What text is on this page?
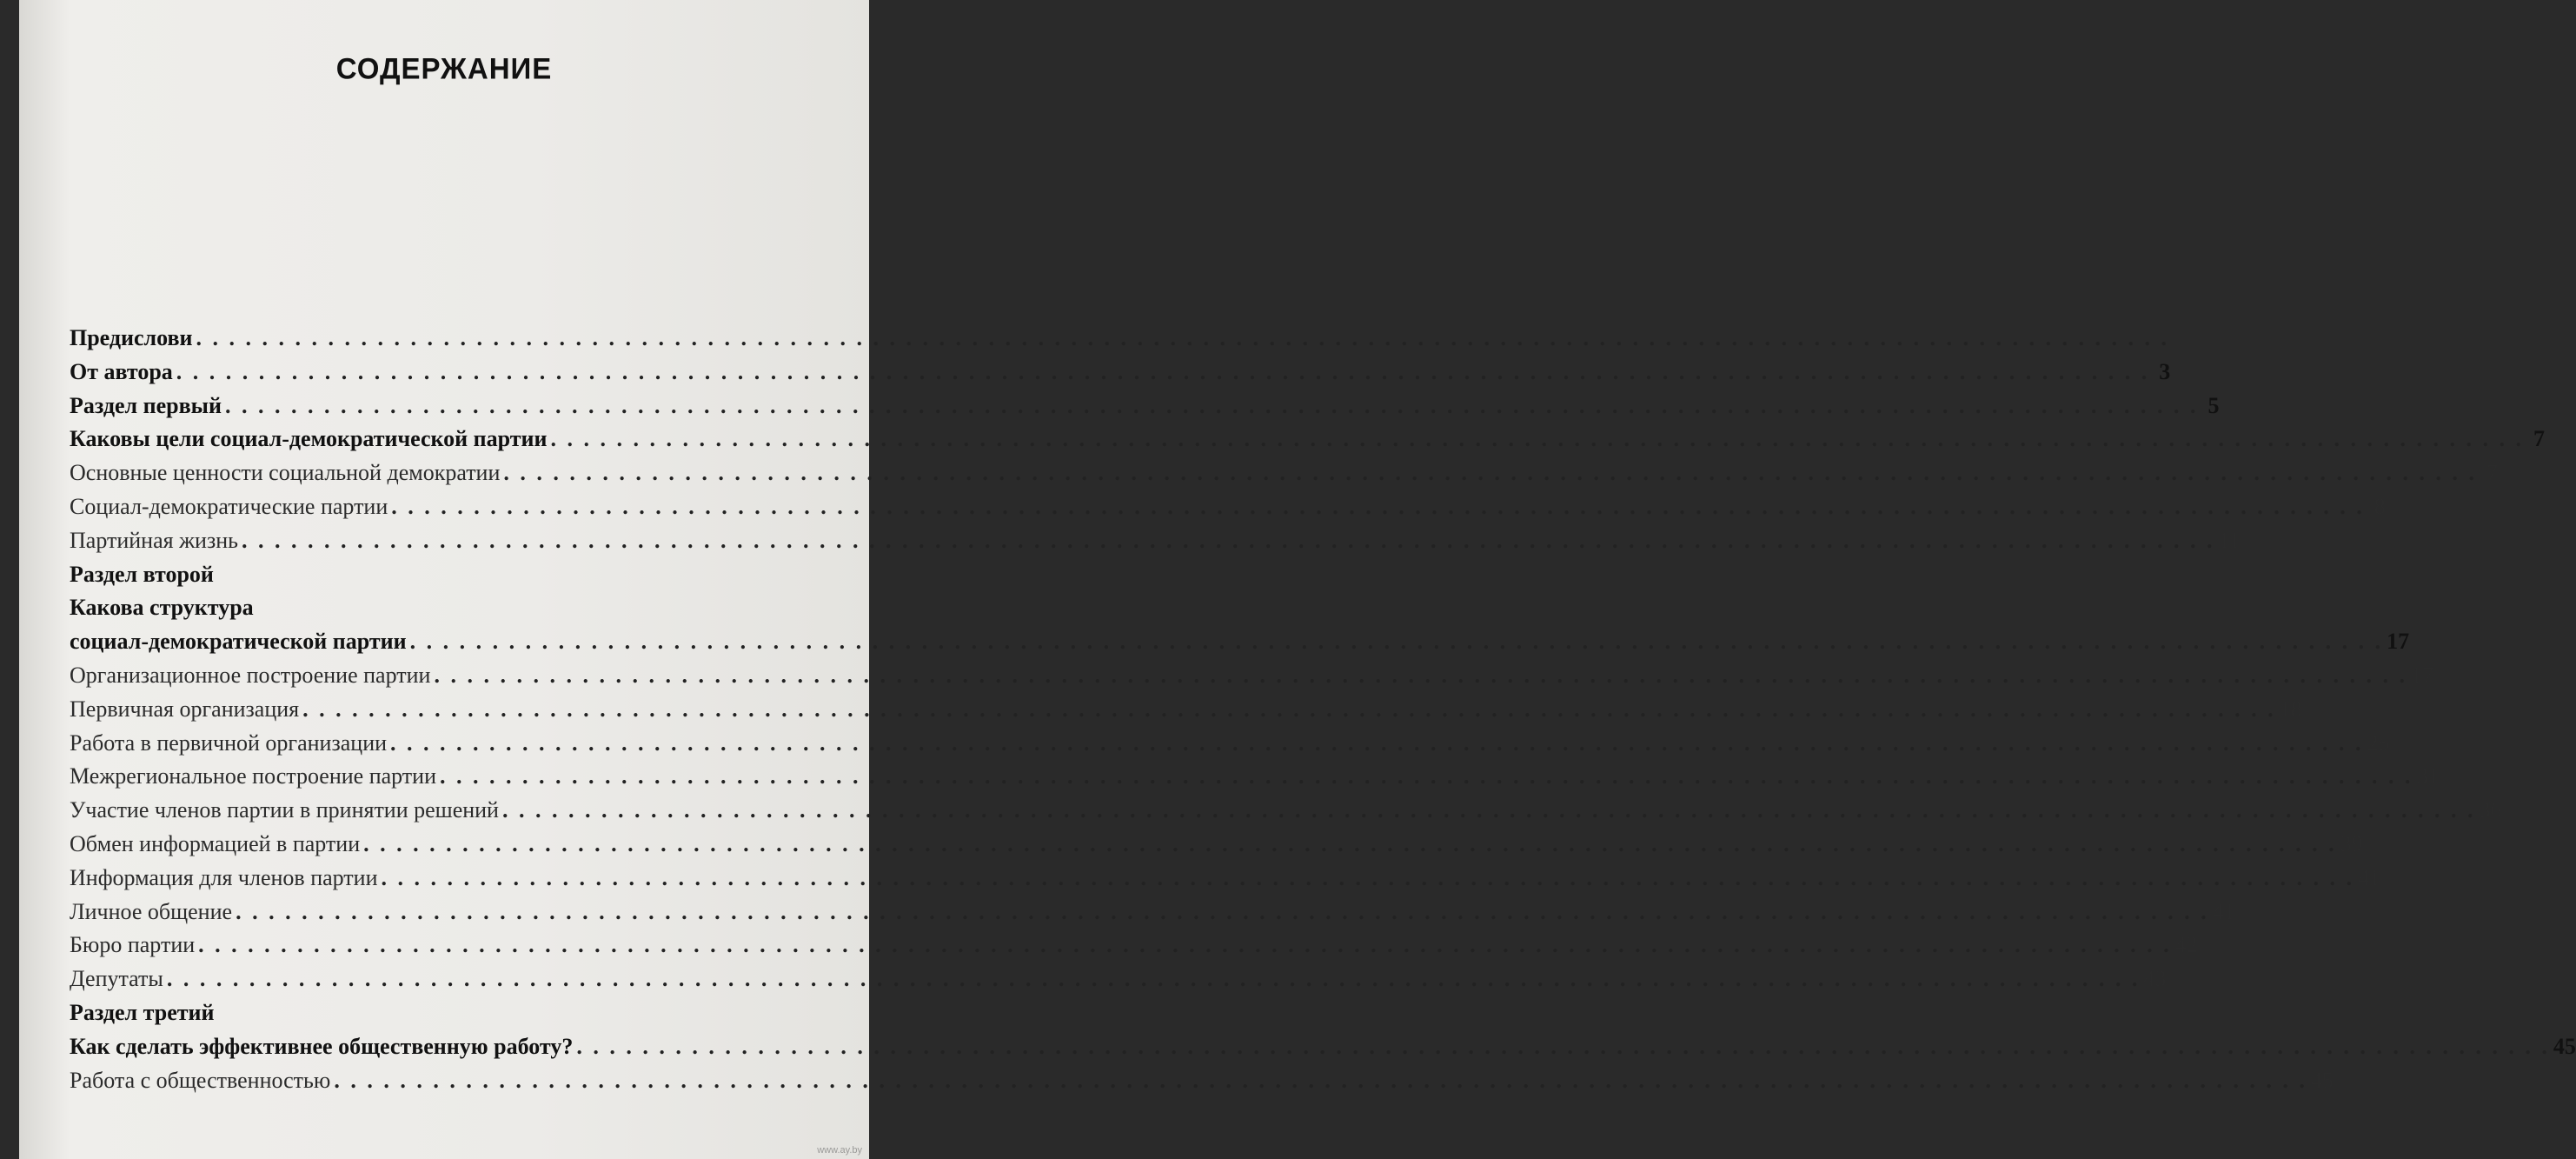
СОДЕРЖАНИЕ
Предислови . . . . . . . . . . . . . . . . . . . . . . . . . . . . . . . . . . . . . . . . . . . . . . . . . . . . . . . . . . . . . . . . . . . . . . . . . . . . . . . . . . . . . . . . . . . . . . . . . . . . . . . . . . . . . . . . . . . . . . . .
От автора . . . . . . . . . . . . . . . . . . . . . . . . . . . . . . . . . . . . . . . . . . . . . . . . . . . . . . . . . . . . . . . . . . . . . . . . . . . . . . . . . . . . . . . . . . . . . . . . . . . . . . . . . . . . . . . . . . . . . . . . 3
Раздел первый . . . . . . . . . . . . . . . . . . . . . . . . . . . . . . . . . . . . . . . . . . . . . . . . . . . . . . . . . . . . . . . . . . . . . . . . . . . . . . . . . . . . . . . . . . . . . . . . . . . . . . . . . . . . . . . . . . . . . . . . 5
Каковы цели социал-демократической партии . . . . . . . . . . . . . . . . . . . . . . . . . . . . . . . . . . . . . . . . . . . . . . . . . . . . . . . . . . . . . . . . . . . . . . . . . . . . . . . . . . . . . . . . . . . . . . . . . . . . . . . . . . . . . . . . . . . . . . . . 7
Основные ценности социальной демократии . . . . . . . . . . . . . . . . . . . . . . . . . . . . . . . . . . . . . . . . . . . . . . . . . . . . . . . . . . . . . . . . . . . . . . . . . . . . . . . . . . . . . . . . . . . . . . . . . . . . . . . . . . . . . . . . . . . . . . . . 7
Социал-демократические партии . . . . . . . . . . . . . . . . . . . . . . . . . . . . . . . . . . . . . . . . . . . . . . . . . . . . . . . . . . . . . . . . . . . . . . . . . . . . . . . . . . . . . . . . . . . . . . . . . . . . . . . . . . . . . . . . . . . . . . . . 8
Партийная жизнь . . . . . . . . . . . . . . . . . . . . . . . . . . . . . . . . . . . . . . . . . . . . . . . . . . . . . . . . . . . . . . . . . . . . . . . . . . . . . . . . . . . . . . . . . . . . . . . . . . . . . . . . . . . . . . . . . . . . . . . . 11
Раздел второй
Какова структура
социал-демократической партии . . . . . . . . . . . . . . . . . . . . . . . . . . . . . . . . . . . . . . . . . . . . . . . . . . . . . . . . . . . . . . . . . . . . . . . . . . . . . . . . . . . . . . . . . . . . . . . . . . . . . . . . . . . . . . . . . . . . . . . . 17
Организационное построение партии . . . . . . . . . . . . . . . . . . . . . . . . . . . . . . . . . . . . . . . . . . . . . . . . . . . . . . . . . . . . . . . . . . . . . . . . . . . . . . . . . . . . . . . . . . . . . . . . . . . . . . . . . . . . . . . . . . . . . . . . 17
Первичная организация . . . . . . . . . . . . . . . . . . . . . . . . . . . . . . . . . . . . . . . . . . . . . . . . . . . . . . . . . . . . . . . . . . . . . . . . . . . . . . . . . . . . . . . . . . . . . . . . . . . . . . . . . . . . . . . . . . . . . . . . 18
Работа в первичной организации . . . . . . . . . . . . . . . . . . . . . . . . . . . . . . . . . . . . . . . . . . . . . . . . . . . . . . . . . . . . . . . . . . . . . . . . . . . . . . . . . . . . . . . . . . . . . . . . . . . . . . . . . . . . . . . . . . . . . . . . 25
Межрегиональное построение партии . . . . . . . . . . . . . . . . . . . . . . . . . . . . . . . . . . . . . . . . . . . . . . . . . . . . . . . . . . . . . . . . . . . . . . . . . . . . . . . . . . . . . . . . . . . . . . . . . . . . . . . . . . . . . . . . . . . . . . . . 31
Участие членов партии в принятии решений . . . . . . . . . . . . . . . . . . . . . . . . . . . . . . . . . . . . . . . . . . . . . . . . . . . . . . . . . . . . . . . . . . . . . . . . . . . . . . . . . . . . . . . . . . . . . . . . . . . . . . . . . . . . . . . . . . . . . . . . 36
Обмен информацией в партии . . . . . . . . . . . . . . . . . . . . . . . . . . . . . . . . . . . . . . . . . . . . . . . . . . . . . . . . . . . . . . . . . . . . . . . . . . . . . . . . . . . . . . . . . . . . . . . . . . . . . . . . . . . . . . . . . . . . . . . . 39
Информация для членов партии . . . . . . . . . . . . . . . . . . . . . . . . . . . . . . . . . . . . . . . . . . . . . . . . . . . . . . . . . . . . . . . . . . . . . . . . . . . . . . . . . . . . . . . . . . . . . . . . . . . . . . . . . . . . . . . . . . . . . . . . 41
Личное общение . . . . . . . . . . . . . . . . . . . . . . . . . . . . . . . . . . . . . . . . . . . . . . . . . . . . . . . . . . . . . . . . . . . . . . . . . . . . . . . . . . . . . . . . . . . . . . . . . . . . . . . . . . . . . . . . . . . . . . . . 41
Бюро партии . . . . . . . . . . . . . . . . . . . . . . . . . . . . . . . . . . . . . . . . . . . . . . . . . . . . . . . . . . . . . . . . . . . . . . . . . . . . . . . . . . . . . . . . . . . . . . . . . . . . . . . . . . . . . . . . . . . . . . . . 42
Депутаты . . . . . . . . . . . . . . . . . . . . . . . . . . . . . . . . . . . . . . . . . . . . . . . . . . . . . . . . . . . . . . . . . . . . . . . . . . . . . . . . . . . . . . . . . . . . . . . . . . . . . . . . . . . . . . . . . . . . . . . . 43
Раздел третий
Как сделать эффективнее общественную работу? . . . . . . . . . . . . . . . . . . . . . . . . . . . . . . . . . . . . . . . . . . . . . . . . . . . . . . . . . . . . . . . . . . . . . . . . . . . . . . . . . . . . . . . . . . . . . . . . . . . . . . . . . . . . . . . . . . . . . . . . 45
Работа с общественностью . . . . . . . . . . . . . . . . . . . . . . . . . . . . . . . . . . . . . . . . . . . . . . . . . . . . . . . . . . . . . . . . . . . . . . . . . . . . . . . . . . . . . . . . . . . . . . . . . . . . . . . . . . . . . . . . . . . . . . . . 45
www.ay.by
